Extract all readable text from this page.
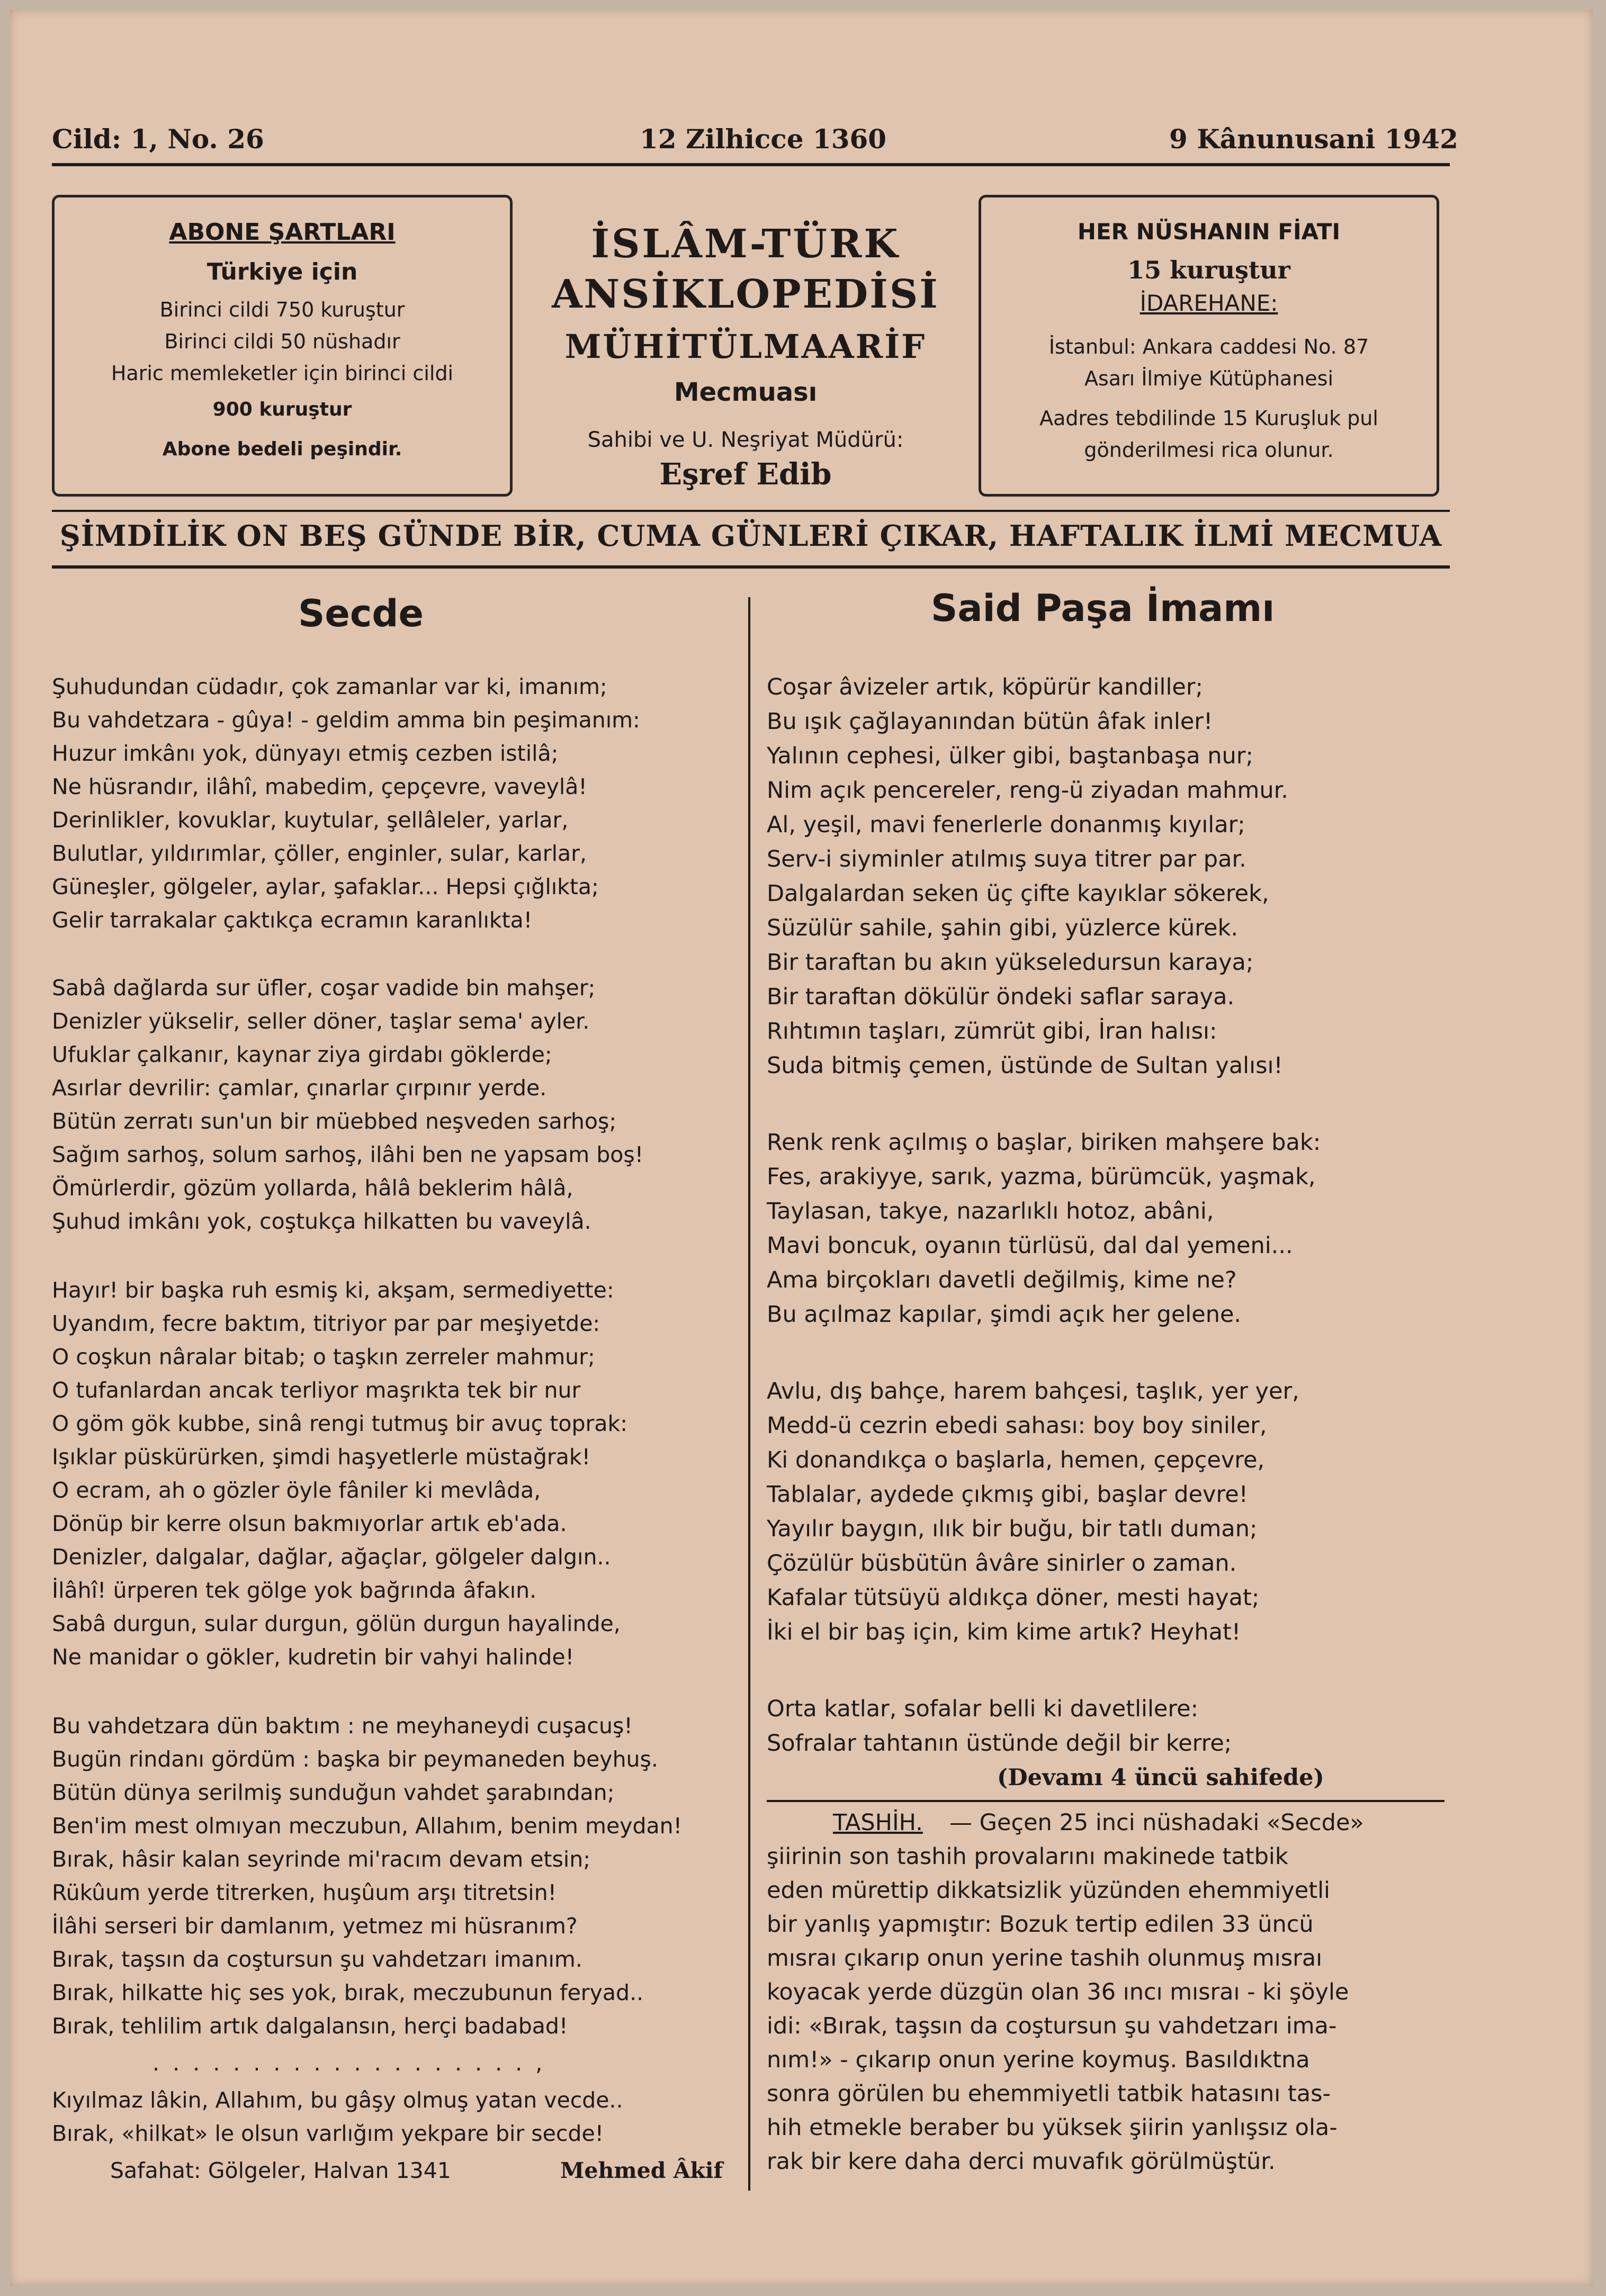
Cild: 1, No. 26	12 Zilhicce 1360	9 Kânunusani 1942
ABONE ŞARTLARI
Türkiye için
Birinci cildi 750 kuruştur
Birinci cildi 50 nüshadır
Haric memleketler için birinci cildi
900 kuruştur
Abone bedeli peşindir.
İSLÂM-TÜRK
ANSİKLOPEDİSİ
MÜHİTÜLMAARİF
Mecmuası
Sahibi ve U. Neşriyat Müdürü:
Eşref Edib
HER NÜSHANIN FİATI
15 kuruştur
İDAREHANE:
İstanbul: Ankara caddesi No. 87
Asarı İlmiye Kütüphanesi
Aadres tebdilinde 15 Kuruşluk pul
gönderilmesi rica olunur.
ŞİMDİLİK ON BEŞ GÜNDE BİR, CUMA GÜNLERİ ÇIKAR, HAFTALIK İLMİ MECMUA
Secde
Şuhudundan cüdadır, çok zamanlar var ki, imanım;
Bu vahdetzara - gûya! - geldim amma bin peşimanım:
Huzur imkânı yok, dünyayı etmiş cezben istilâ;
Ne hüsrandır, ilâhî, mabedim, çepçevre, vaveylâ!
Derinlikler, kovuklar, kuytular, şellâleler, yarlar,
Bulutlar, yıldırımlar, çöller, enginler, sular, karlar,
Güneşler, gölgeler, aylar, şafaklar... Hepsi çığlıkta;
Gelir tarrakalar çaktıkça ecramın karanlıkta!
Sabâ dağlarda sur üfler, coşar vadide bin mahşer;
Denizler yükselir, seller döner, taşlar sema' ayler.
Ufuklar çalkanır, kaynar ziya girdabı göklerde;
Asırlar devrilir: çamlar, çınarlar çırpınır yerde.
Bütün zerratı sun'un bir müebbed neşveden sarhoş;
Sağım sarhoş, solum sarhoş, ilâhi ben ne yapsam boş!
Ömürlerdir, gözüm yollarda, hâlâ beklerim hâlâ,
Şuhud imkânı yok, coştukça hilkatten bu vaveylâ.
Hayır! bir başka ruh esmiş ki, akşam, sermediyette:
Uyandım, fecre baktım, titriyor par par meşiyetde:
O coşkun nâralar bitab; o taşkın zerreler mahmur;
O tufanlardan ancak terliyor maşrıkta tek bir nur
O göm gök kubbe, sinâ rengi tutmuş bir avuç toprak:
Işıklar püskürürken, şimdi haşyetlerle müstağrak!
O ecram, ah o gözler öyle fâniler ki mevlâda,
Dönüp bir kerre olsun bakmıyorlar artık eb'ada.
Denizler, dalgalar, dağlar, ağaçlar, gölgeler dalgın..
İlâhî! ürperen tek gölge yok bağrında âfakın.
Sabâ durgun, sular durgun, gölün durgun hayalinde,
Ne manidar o gökler, kudretin bir vahyi halinde!
Bu vahdetzara dün baktım : ne meyhaneydi cuşacuş!
Bugün rindanı gördüm : başka bir peymaneden beyhuş.
Bütün dünya serilmiş sunduğun vahdet şarabından;
Ben'im mest olmıyan meczubun, Allahım, benim meydan!
Bırak, hâsir kalan seyrinde mi'racım devam etsin;
Rükûum yerde titrerken, huşûum arşı titretsin!
İlâhi serseri bir damlanım, yetmez mi hüsranım?
Bırak, taşsın da coştursun şu vahdetzarı imanım.
Bırak, hilkatte hiç ses yok, bırak, meczubunun feryad..
Bırak, tehlilim artık dalgalansın, herçi badabad!
. . . . . . . . . . . . . . . . . . . ,
Kıyılmaz lâkin, Allahım, bu gâşy olmuş yatan vecde..
Bırak, «hilkat» le olsun varlığım yekpare bir secde!
Safahat: Gölgeler, Halvan 1341	Mehmed Âkif
Said Paşa İmamı
Coşar âvizeler artık, köpürür kandiller;
Bu ışık çağlayanından bütün âfak inler!
Yalının cephesi, ülker gibi, baştanbaşa nur;
Nim açık pencereler, reng-ü ziyadan mahmur.
Al, yeşil, mavi fenerlerle donanmış kıyılar;
Serv-i siyminler atılmış suya titrer par par.
Dalgalardan seken üç çifte kayıklar sökerek,
Süzülür sahile, şahin gibi, yüzlerce kürek.
Bir taraftan bu akın yükseledursun karaya;
Bir taraftan dökülür öndeki saflar saraya.
Rıhtımın taşları, zümrüt gibi, İran halısı:
Suda bitmiş çemen, üstünde de Sultan yalısı!
Renk renk açılmış o başlar, biriken mahşere bak:
Fes, arakiyye, sarık, yazma, bürümcük, yaşmak,
Taylasan, takye, nazarlıklı hotoz, abâni,
Mavi boncuk, oyanın türlüsü, dal dal yemeni...
Ama birçokları davetli değilmiş, kime ne?
Bu açılmaz kapılar, şimdi açık her gelene.
Avlu, dış bahçe, harem bahçesi, taşlık, yer yer,
Medd-ü cezrin ebedi sahası: boy boy siniler,
Ki donandıkça o başlarla, hemen, çepçevre,
Tablalar, aydede çıkmış gibi, başlar devre!
Yayılır baygın, ılık bir buğu, bir tatlı duman;
Çözülür büsbütün âvâre sinirler o zaman.
Kafalar tütsüyü aldıkça döner, mesti hayat;
İki el bir baş için, kim kime artık? Heyhat!
Orta katlar, sofalar belli ki davetlilere:
Sofralar tahtanın üstünde değil bir kerre;
(Devamı 4 üncü sahifede)
TASHİH. — Geçen 25 inci nüshadaki «Secde»
şiirinin son tashih provalarını makinede tatbik
eden mürettip dikkatsizlik yüzünden ehemmiyetli
bir yanlış yapmıştır: Bozuk tertip edilen 33 üncü
mısraı çıkarıp onun yerine tashih olunmuş mısraı
koyacak yerde düzgün olan 36 ıncı mısraı - ki şöyle
idi: «Bırak, taşsın da coştursun şu vahdetzarı ima-
nım!» - çıkarıp onun yerine koymuş. Basıldıktna
sonra görülen bu ehemmiyetli tatbik hatasını tas-
hih etmekle beraber bu yüksek şiirin yanlışsız ola-
rak bir kere daha derci muvafık görülmüştür.
